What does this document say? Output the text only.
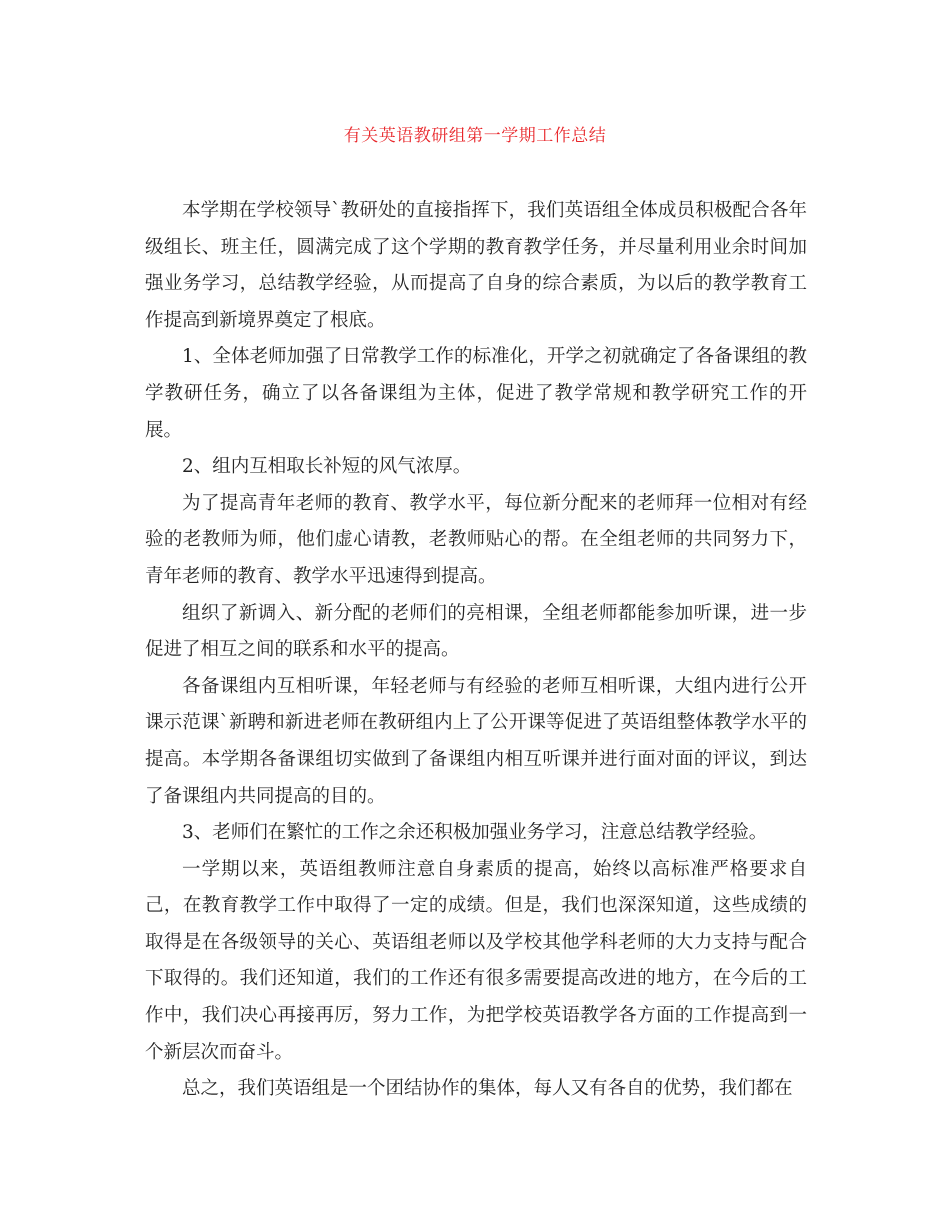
有关英语教研组第一学期工作总结

本学期在学校领导`教研处的直接指挥下，我们英语组全体成员积极配合各年级组长、班主任，圆满完成了这个学期的教育教学任务，并尽量利用业余时间加强业务学习，总结教学经验，从而提高了自身的综合素质，为以后的教学教育工作提高到新境界奠定了根底。

1、全体老师加强了日常教学工作的标准化，开学之初就确定了各备课组的教学教研任务，确立了以各备课组为主体，促进了教学常规和教学研究工作的开展。

2、组内互相取长补短的风气浓厚。

为了提高青年老师的教育、教学水平，每位新分配来的老师拜一位相对有经验的老教师为师，他们虚心请教，老教师贴心的帮。在全组老师的共同努力下，青年老师的教育、教学水平迅速得到提高。

组织了新调入、新分配的老师们的亮相课，全组老师都能参加听课，进一步促进了相互之间的联系和水平的提高。

各备课组内互相听课，年轻老师与有经验的老师互相听课，大组内进行公开课示范课`新聘和新进老师在教研组内上了公开课等促进了英语组整体教学水平的提高。本学期各备课组切实做到了备课组内相互听课并进行面对面的评议，到达了备课组内共同提高的目的。

3、老师们在繁忙的工作之余还积极加强业务学习，注意总结教学经验。

一学期以来，英语组教师注意自身素质的提高，始终以高标准严格要求自己，在教育教学工作中取得了一定的成绩。但是，我们也深深知道，这些成绩的取得是在各级领导的关心、英语组老师以及学校其他学科老师的大力支持与配合下取得的。我们还知道，我们的工作还有很多需要提高改进的地方，在今后的工作中，我们决心再接再厉，努力工作，为把学校英语教学各方面的工作提高到一个新层次而奋斗。

总之，我们英语组是一个团结协作的集体，每人又有各自的优势，我们都在
